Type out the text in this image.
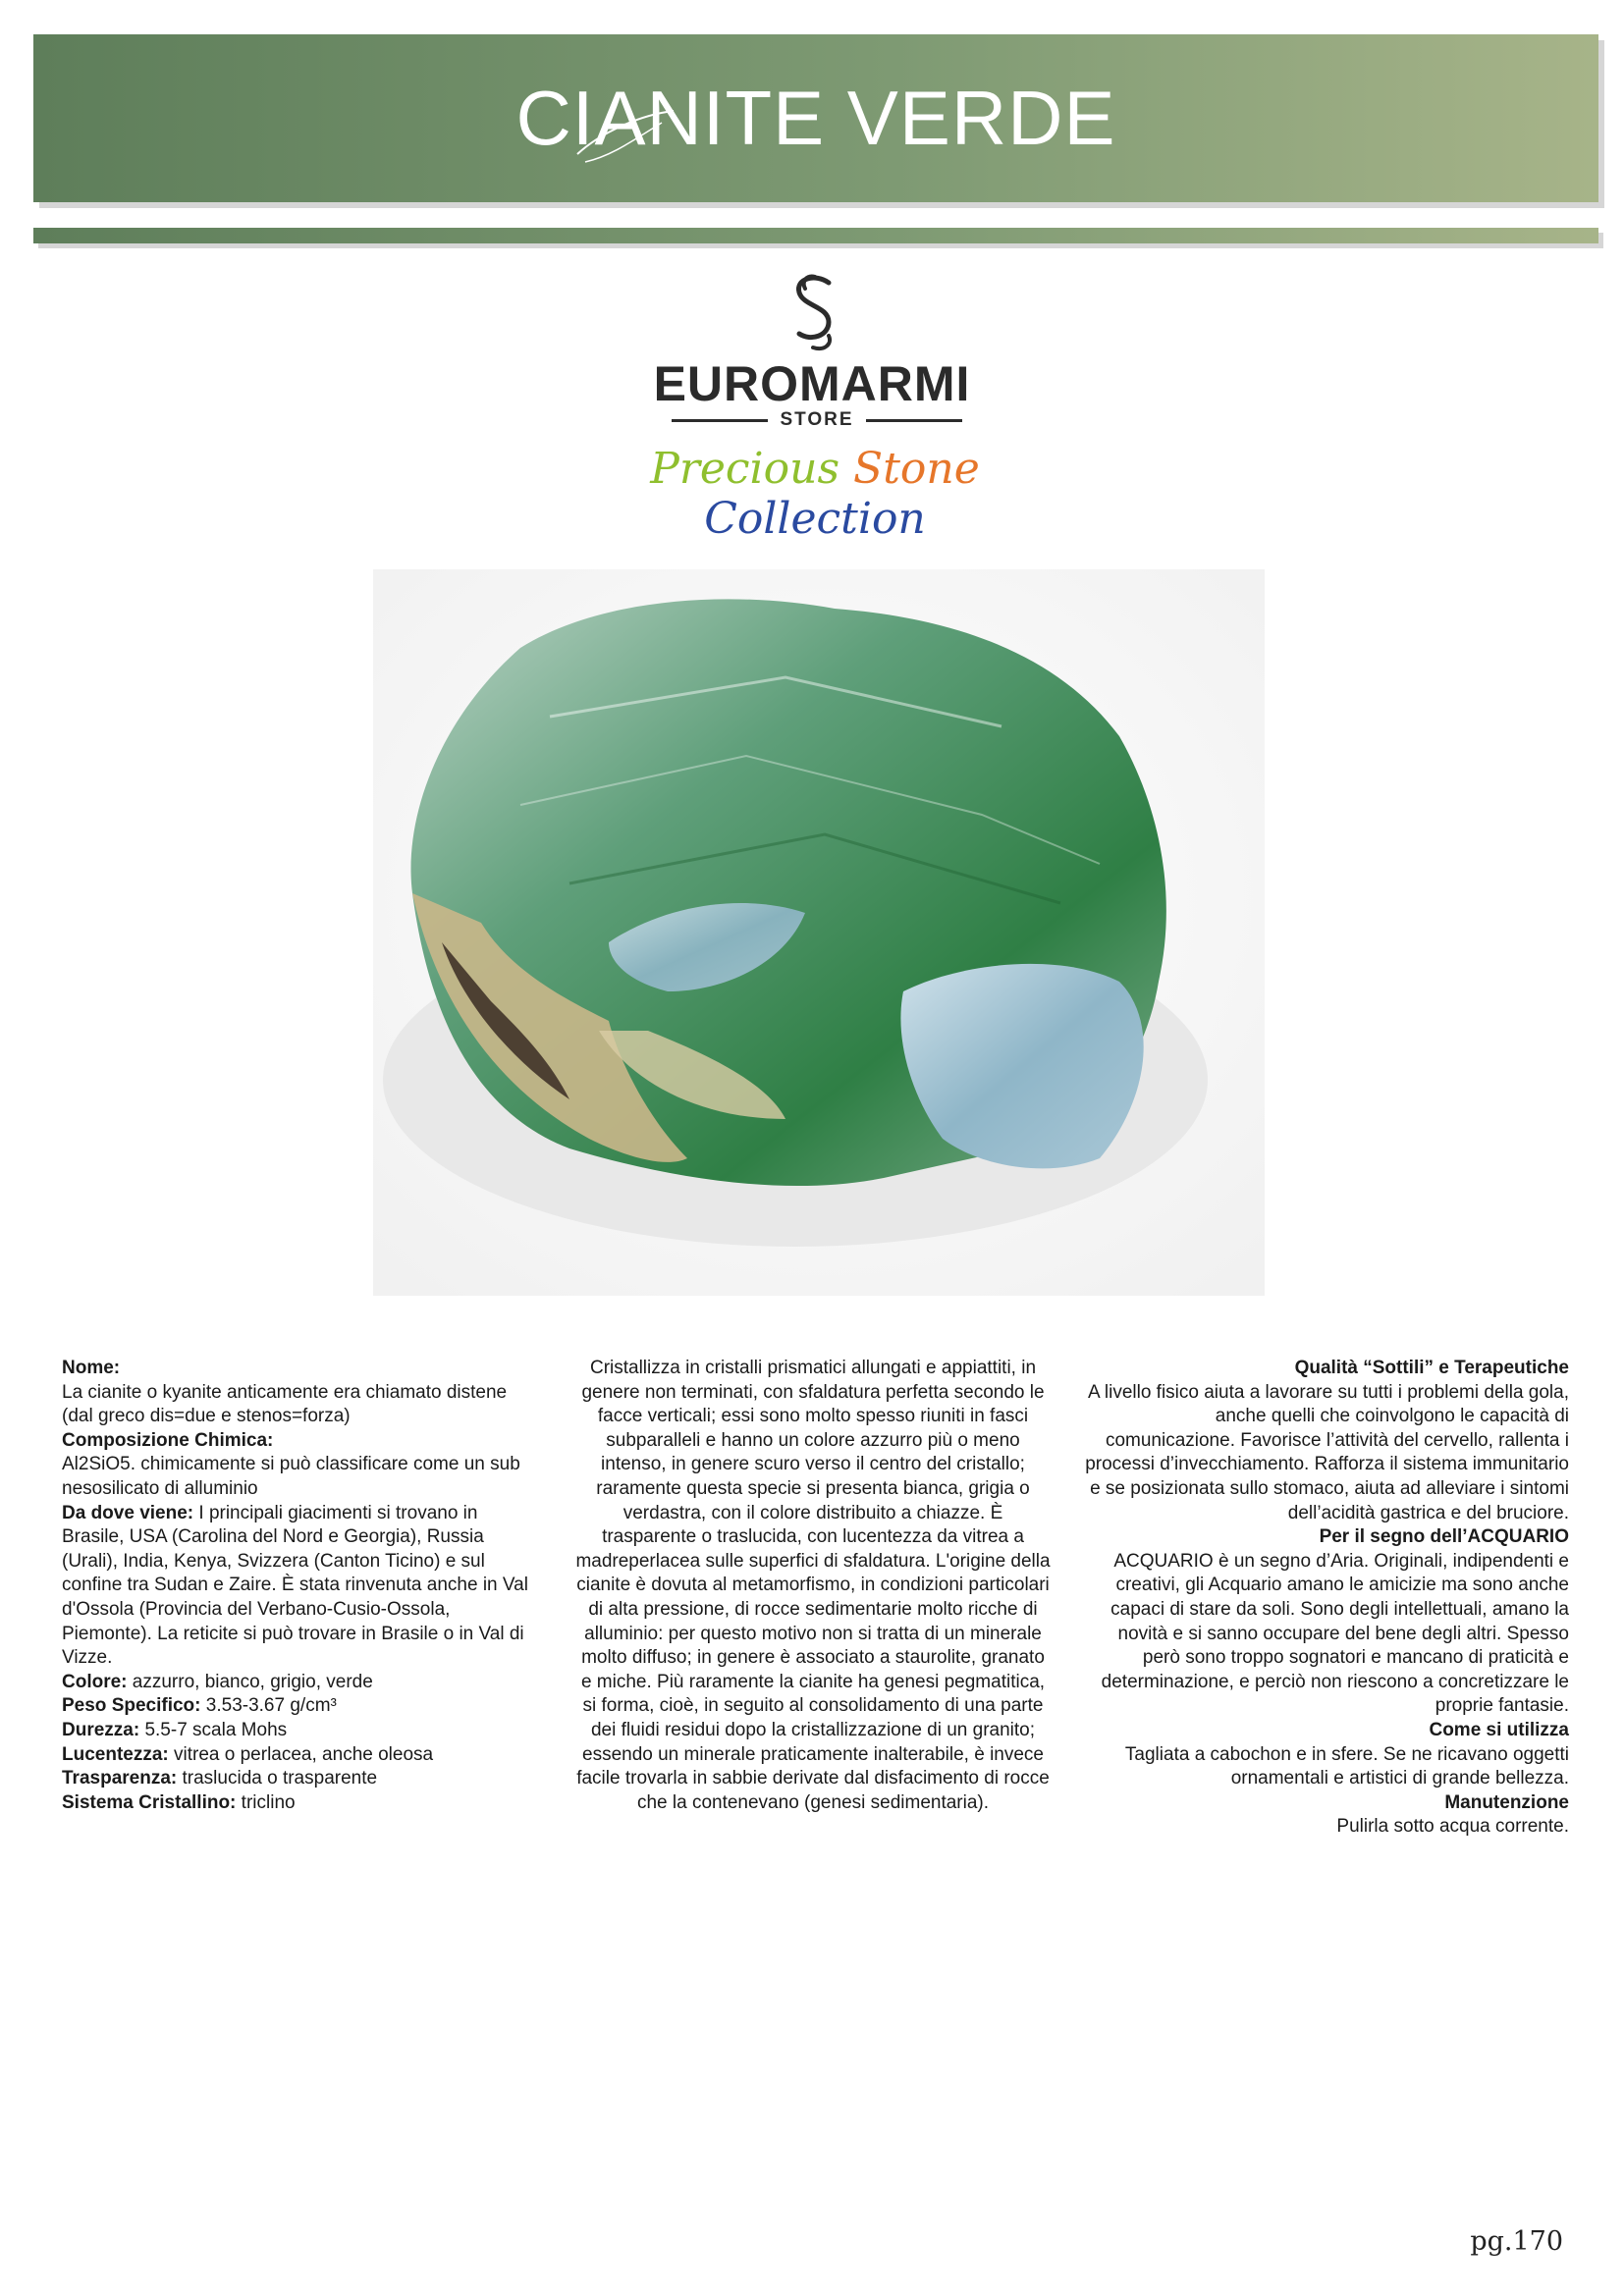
CIANITE VERDE
EUROMARMI
STORE
Precious Stone Collection

Nome:

La cianite o kyanite anticamente era chiamato distene (dal greco dis=due e stenos=forza)

Composizione Chimica:

Al2SiO5. chimicamente si può classificare come un sub nesosilicato di alluminio

Da dove viene: I principali giacimenti si trovano in Brasile, USA (Carolina del Nord e Georgia), Russia (Urali), India, Kenya, Svizzera (Canton Ticino) e sul confine tra Sudan e Zaire. È stata rinvenuta anche in Val d'Ossola (Provincia del Verbano-Cusio-Ossola, Piemonte). La reticite si può trovare in Brasile o in Val di Vizze.

Colore: azzurro, bianco, grigio, verde

Peso Specifico: 3.53-3.67 g/cm³

Durezza: 5.5-7 scala Mohs

Lucentezza: vitrea o perlacea, anche oleosa

Trasparenza: traslucida o trasparente

Sistema Cristallino: triclino

Cristallizza in cristalli prismatici allungati e appiattiti, in genere non terminati, con sfaldatura perfetta secondo le facce verticali; essi sono molto spesso riuniti in fasci subparalleli e hanno un colore azzurro più o meno intenso, in genere scuro verso il centro del cristallo; raramente questa specie si presenta bianca, grigia o verdastra, con il colore distribuito a chiazze. È trasparente o traslucida, con lucentezza da vitrea a madreperlacea sulle superfici di sfaldatura. L'origine della cianite è dovuta al metamorfismo, in condizioni particolari di alta pressione, di rocce sedimentarie molto ricche di alluminio: per questo motivo non si tratta di un minerale molto diffuso; in genere è associato a staurolite, granato e miche. Più raramente la cianite ha genesi pegmatitica, si forma, cioè, in seguito al consolidamento di una parte dei fluidi residui dopo la cristallizzazione di un granito; essendo un minerale praticamente inalterabile, è invece facile trovarla in sabbie derivate dal disfacimento di rocce che la contenevano (genesi sedimentaria).

Qualità “Sottili” e Terapeutiche

A livello fisico aiuta a lavorare su tutti i problemi della gola, anche quelli che coinvolgono le capacità di comunicazione. Favorisce l’attività del cervello, rallenta i processi d’invecchiamento. Rafforza il sistema immunitario e se posizionata sullo stomaco, aiuta ad alleviare i sintomi dell’acidità gastrica e del bruciore.

Per il segno dell’ACQUARIO

ACQUARIO è un segno d’Aria. Originali, indipendenti e creativi, gli Acquario amano le amicizie ma sono anche capaci di stare da soli. Sono degli intellettuali, amano la novità e si sanno occupare del bene degli altri. Spesso però sono troppo sognatori e mancano di praticità e determinazione, e perciò non riescono a concretizzare le proprie fantasie.

Come si utilizza

Tagliata a cabochon e in sfere. Se ne ricavano oggetti ornamentali e artistici di grande bellezza.

Manutenzione

Pulirla sotto acqua corrente.

pg.170
